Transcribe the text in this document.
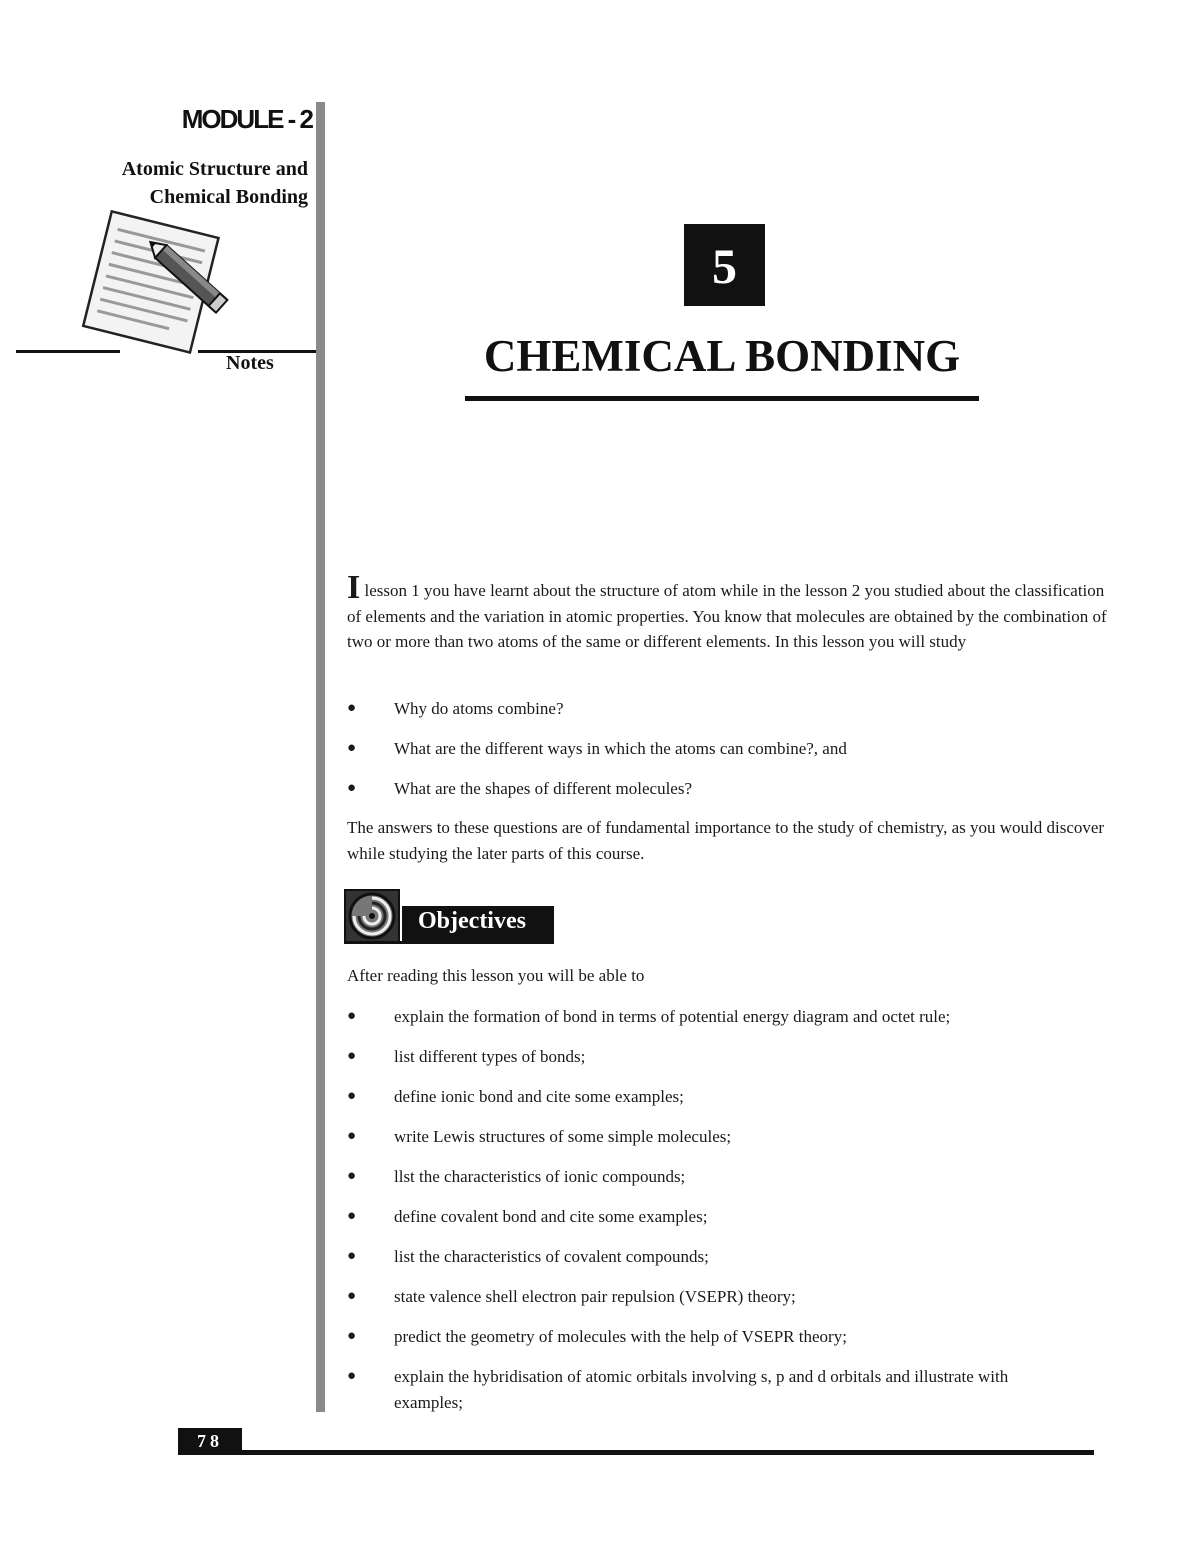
MODULE - 2
Atomic Structure and
Chemical Bonding
Notes
5
CHEMICAL BONDING
I lesson 1 you have learnt about the structure of atom while in the lesson 2 you studied about the classification of elements and the variation in atomic properties. You know that molecules are obtained by the combination of two or more than two atoms of the same or different elements. In this lesson you will study
● Why do atoms combine?
● What are the different ways in which the atoms can combine?, and
● What are the shapes of different molecules?
The answers to these questions are of fundamental importance to the study of chemistry, as you would discover while studying the later parts of this course.
Objectives
After reading this lesson you will be able to
● explain the formation of bond in terms of potential energy diagram and octet rule;
● list different types of bonds;
● define ionic bond and cite some examples;
● write Lewis structures of some simple molecules;
● llst the characteristics of ionic compounds;
● define covalent bond and cite some examples;
● list the characteristics of covalent compounds;
● state valence shell electron pair repulsion (VSEPR) theory;
● predict the geometry of molecules with the help of VSEPR theory;
● explain the hybridisation of atomic orbitals involving s, p and d orbitals and illustrate with examples;
78
